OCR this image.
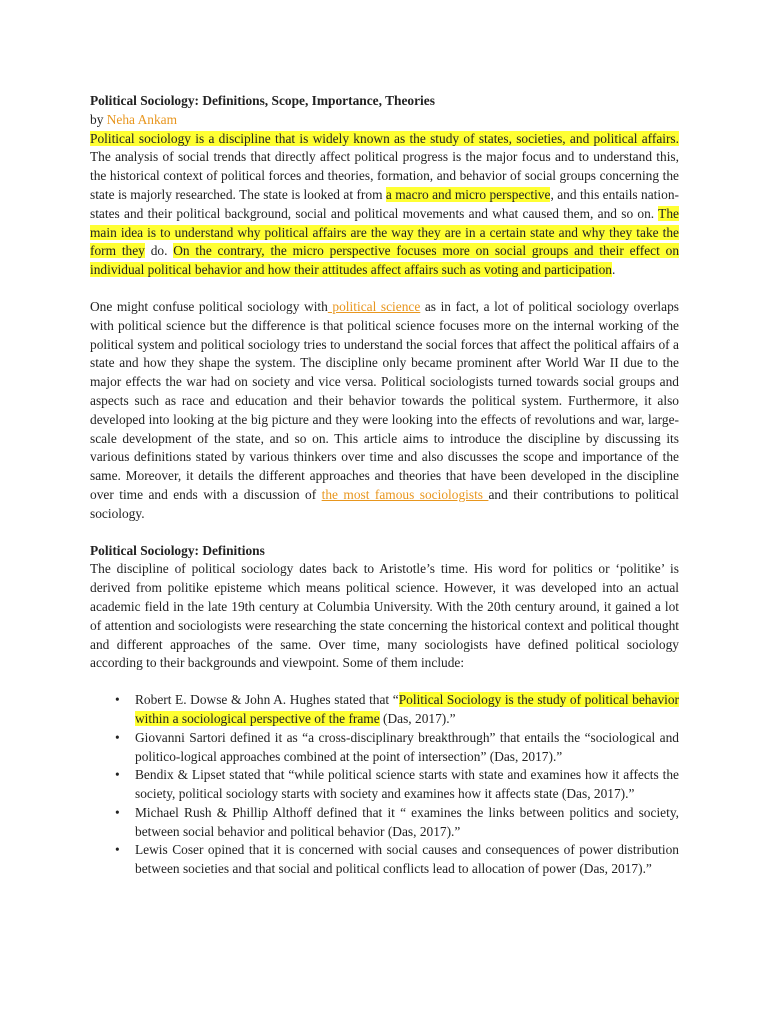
Political Sociology: Definitions, Scope, Importance, Theories

by Neha Ankam

Political sociology is a discipline that is widely known as the study of states, societies, and political affairs. The analysis of social trends that directly affect political progress is the major focus and to understand this, the historical context of political forces and theories, formation, and behavior of social groups concerning the state is majorly researched. The state is looked at from a macro and micro perspective, and this entails nation-states and their political background, social and political movements and what caused them, and so on. The main idea is to understand why political affairs are the way they are in a certain state and why they take the form they do. On the contrary, the micro perspective focuses more on social groups and their effect on individual political behavior and how their attitudes affect affairs such as voting and participation.

One might confuse political sociology with political science as in fact, a lot of political sociology overlaps with political science but the difference is that political science focuses more on the internal working of the political system and political sociology tries to understand the social forces that affect the political affairs of a state and how they shape the system. The discipline only became prominent after World War II due to the major effects the war had on society and vice versa. Political sociologists turned towards social groups and aspects such as race and education and their behavior towards the political system. Furthermore, it also developed into looking at the big picture and they were looking into the effects of revolutions and war, large-scale development of the state, and so on. This article aims to introduce the discipline by discussing its various definitions stated by various thinkers over time and also discusses the scope and importance of the same. Moreover, it details the different approaches and theories that have been developed in the discipline over time and ends with a discussion of the most famous sociologists and their contributions to political sociology.

Political Sociology: Definitions

The discipline of political sociology dates back to Aristotle’s time. His word for politics or ‘politike’ is derived from politike episteme which means political science. However, it was developed into an actual academic field in the late 19th century at Columbia University. With the 20th century around, it gained a lot of attention and sociologists were researching the state concerning the historical context and political thought and different approaches of the same. Over time, many sociologists have defined political sociology according to their backgrounds and viewpoint. Some of them include:

• Robert E. Dowse & John A. Hughes stated that “Political Sociology is the study of political behavior within a sociological perspective of the frame (Das, 2017).”
• Giovanni Sartori defined it as “a cross-disciplinary breakthrough” that entails the “sociological and politico-logical approaches combined at the point of intersection” (Das, 2017).”
• Bendix & Lipset stated that “while political science starts with state and examines how it affects the society, political sociology starts with society and examines how it affects state (Das, 2017).”
• Michael Rush & Phillip Althoff defined that it “ examines the links between politics and society, between social behavior and political behavior (Das, 2017).”
• Lewis Coser opined that it is concerned with social causes and consequences of power distribution between societies and that social and political conflicts lead to allocation of power (Das, 2017).”
